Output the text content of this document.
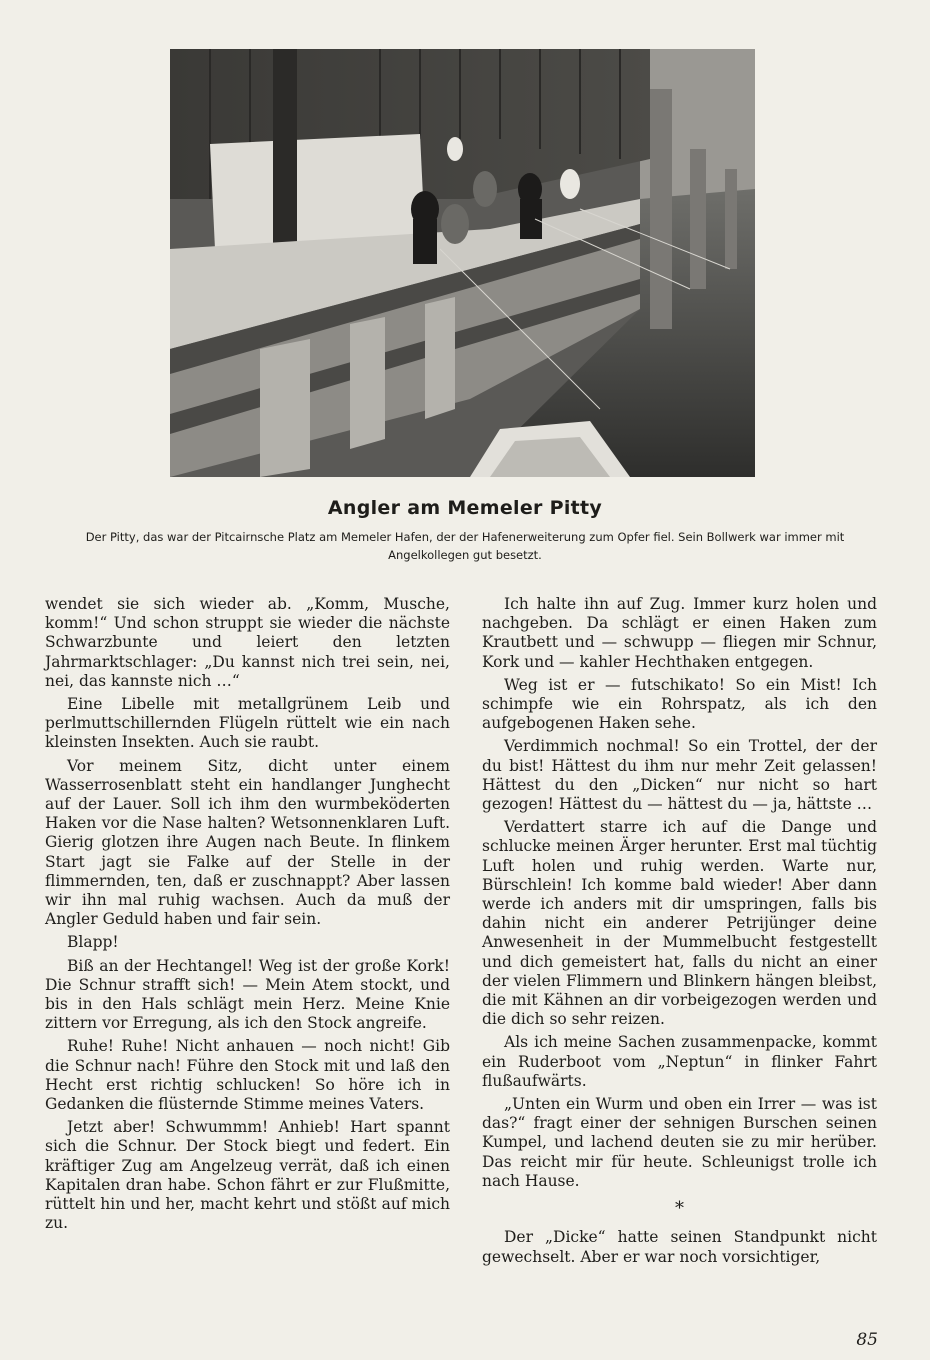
Angler am Memeler Pitty
Der Pitty, das war der Pitcairnsche Platz am Memeler Hafen, der der Hafenerweiterung zum Opfer fiel. Sein Bollwerk war immer mit Angelkollegen gut besetzt.

wendet sie sich wieder ab. „Komm, Musche, komm!“ Und schon struppt sie wieder die nächste Schwarzbunte und leiert den letzten Jahrmarktschlager: „Du kannst nich trei sein, nei, nei, das kannste nich …“

Eine Libelle mit metallgrünem Leib und perlmuttschillernden Flügeln rüttelt wie ein nach kleinsten Insekten. Auch sie raubt.

Vor meinem Sitz, dicht unter einem Wasserrosenblatt steht ein handlanger Junghecht auf der Lauer. Soll ich ihm den wurmbeköderten Haken vor die Nase halten? Wetsonnenklaren Luft. Gierig glotzen ihre Augen nach Beute. In flinkem Start jagt sie Falke auf der Stelle in der flimmernden, ten, daß er zuschnappt? Aber lassen wir ihn mal ruhig wachsen. Auch da muß der Angler Geduld haben und fair sein.

Blapp!

Biß an der Hechtangel! Weg ist der große Kork! Die Schnur strafft sich! — Mein Atem stockt, und bis in den Hals schlägt mein Herz. Meine Knie zittern vor Erregung, als ich den Stock angreife.

Ruhe! Ruhe! Nicht anhauen — noch nicht! Gib die Schnur nach! Führe den Stock mit und laß den Hecht erst richtig schlucken! So höre ich in Gedanken die flüsternde Stimme meines Vaters.

Jetzt aber! Schwummm! Anhieb! Hart spannt sich die Schnur. Der Stock biegt und federt. Ein kräftiger Zug am Angelzeug verrät, daß ich einen Kapitalen dran habe. Schon fährt er zur Flußmitte, rüttelt hin und her, macht kehrt und stößt auf mich zu.

Ich halte ihn auf Zug. Immer kurz holen und nachgeben. Da schlägt er einen Haken zum Krautbett und — schwupp — fliegen mir Schnur, Kork und — kahler Hechthaken entgegen.

Weg ist er — futschikato! So ein Mist! Ich schimpfe wie ein Rohrspatz, als ich den aufgebogenen Haken sehe.

Verdimmich nochmal! So ein Trottel, der der du bist! Hättest du ihm nur mehr Zeit gelassen! Hättest du den „Dicken“ nur nicht so hart gezogen! Hättest du — hättest du — ja, hättste …

Verdattert starre ich auf die Dange und schlucke meinen Ärger herunter. Erst mal tüchtig Luft holen und ruhig werden. Warte nur, Bürschlein! Ich komme bald wieder! Aber dann werde ich anders mit dir umspringen, falls bis dahin nicht ein anderer Petrijünger deine Anwesenheit in der Mummelbucht festgestellt und dich gemeistert hat, falls du nicht an einer der vielen Flimmern und Blinkern hängen bleibst, die mit Kähnen an dir vorbeigezogen werden und die dich so sehr reizen.

Als ich meine Sachen zusammenpacke, kommt ein Ruderboot vom „Neptun“ in flinker Fahrt flußaufwärts.

„Unten ein Wurm und oben ein Irrer — was ist das?“ fragt einer der sehnigen Burschen seinen Kumpel, und lachend deuten sie zu mir herüber. Das reicht mir für heute. Schleunigst trolle ich nach Hause.

*

Der „Dicke“ hatte seinen Standpunkt nicht gewechselt. Aber er war noch vorsichtiger,

85
